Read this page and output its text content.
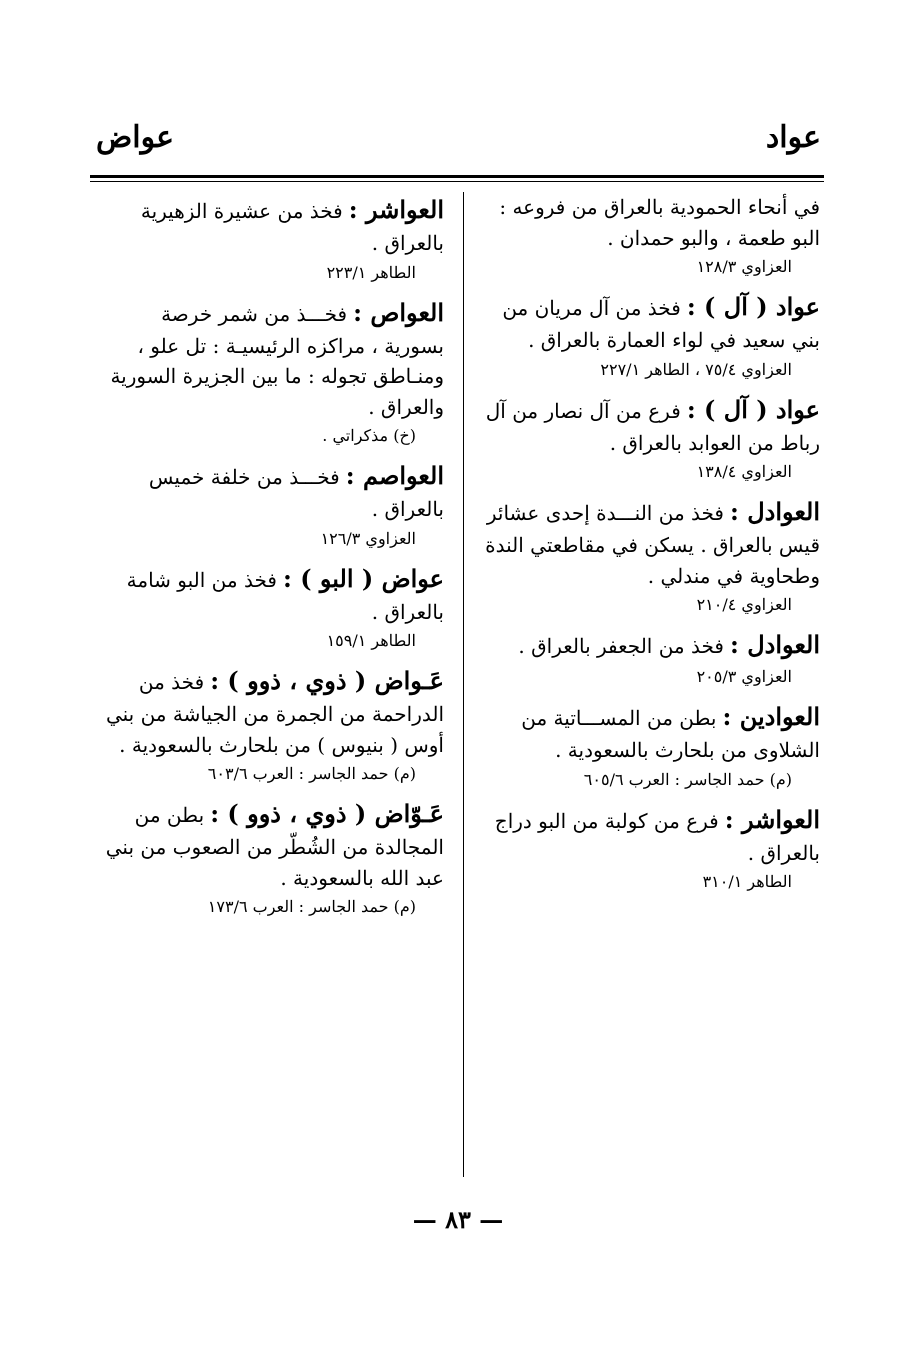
عواد
عواض
في أنحاء الحمودية بالعراق من فروعه : البو طعمة ، والبو حمدان .
العزاوي ١٢٨/٣
عواد ( آل ) : فخذ من آل مريان من بني سعيد في لواء العمارة بالعراق .
العزاوي ٧٥/٤ ، الطاهر ٢٢٧/١
عواد ( آل ) : فرع من آل نصار من آل رباط من العوابد بالعراق .
العزاوي ١٣٨/٤
العوادل : فخذ من النـــدة إحدى عشائر قيس بالعراق . يسكن في مقاطعتي الندة وطحاوية في مندلي .
العزاوي ٢١٠/٤
العوادل : فخذ من الجعفر بالعراق .
العزاوي ٢٠٥/٣
العوادين : بطن من المســـاتية من الشلاوى من بلحارث بالسعودية .
(م) حمد الجاسر : العرب ٦٠٥/٦
العواشر : فرع من كولبة من البو دراج بالعراق .
الطاهر ٣١٠/١
العواشر : فخذ من عشيرة الزهيرية بالعراق .
الطاهر ٢٢٣/١
العواص : فخـــذ من شمر خرصة بسورية ، مراكزه الرئيسيـة : تل علو ، ومنـاطق تجوله : ما بين الجزيرة السورية والعراق .
(خ) مذكراتي .
العواصم : فخـــذ من خلفة خميس بالعراق .
العزاوي ١٢٦/٣
عواض ( البو ) : فخذ من البو شامة بالعراق .
الطاهر ١٥٩/١
عَـواض ( ذوي ، ذوو ) : فخذ من الدراحمة من الجمرة من الجياشة من بني أوس ( بنيوس ) من بلحارث بالسعودية .
(م) حمد الجاسر : العرب ٦٠٣/٦
عَـوّاض ( ذوي ، ذوو ) : بطن من المجالدة من الشُطّر من الصعوب من بني عبد الله بالسعودية .
(م) حمد الجاسر : العرب ١٧٣/٦
— ٨٣ —
